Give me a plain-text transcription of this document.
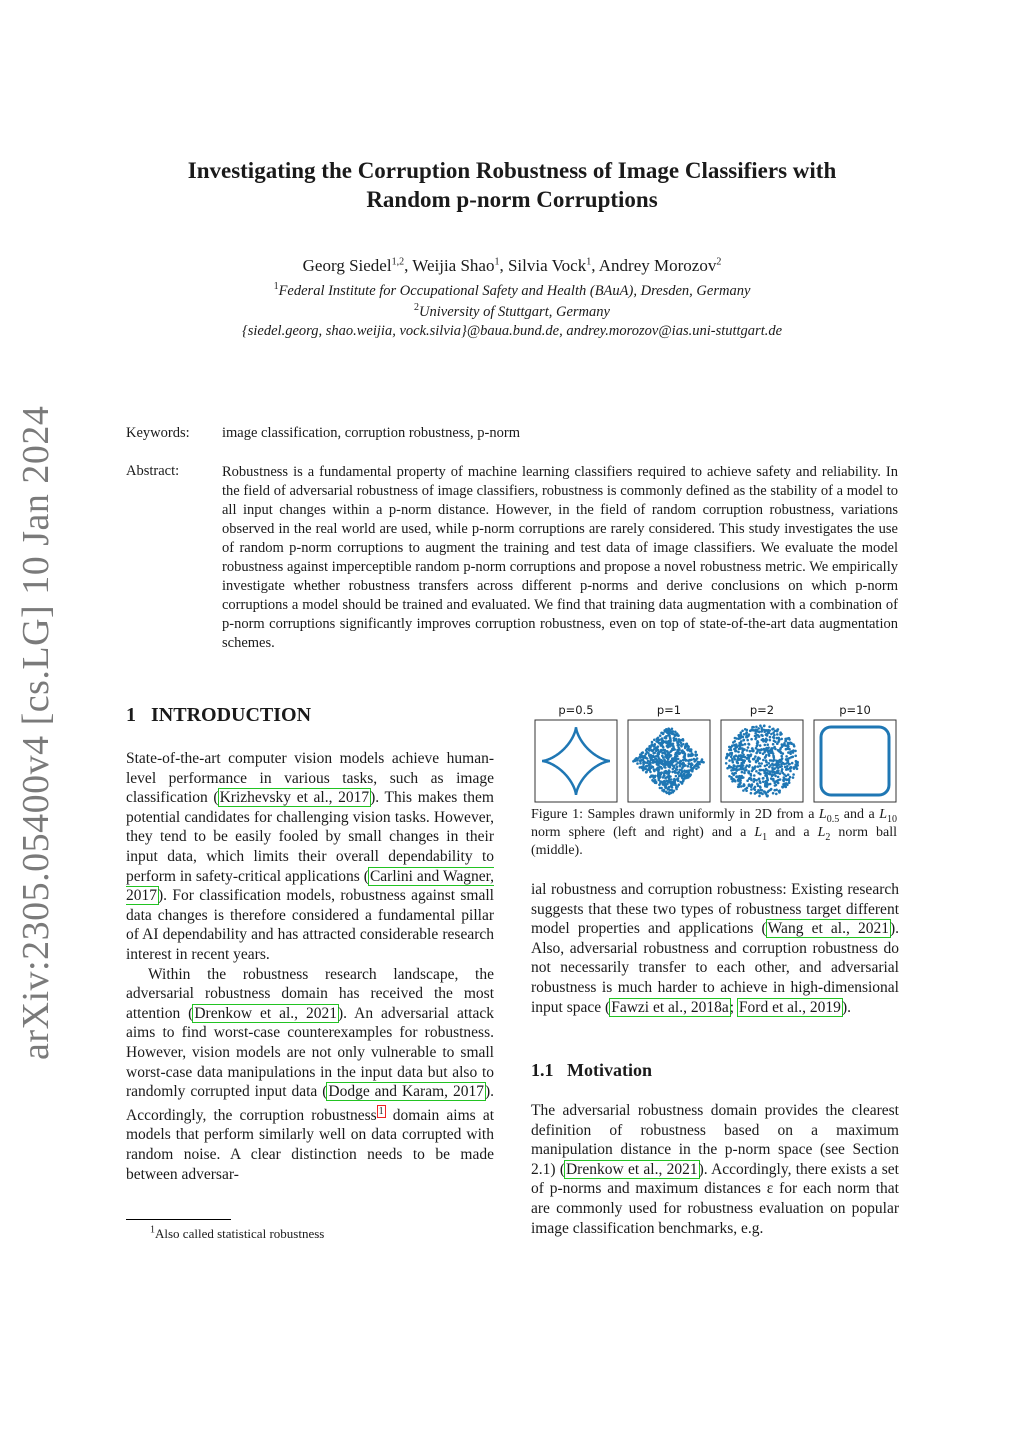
arXiv:2305.05400v4 [cs.LG] 10 Jan 2024
Investigating the Corruption Robustness of Image Classifiers with
Random p-norm Corruptions
Georg Siedel$^{1,2}$, Weijia Shao$^1$, Silvia Vock$^1$, Andrey Morozov$^2$
$^1$Federal Institute for Occupational Safety and Health (BAuA), Dresden, Germany
$^2$University of Stuttgart, Germany
{siedel.georg, shao.weijia, vock.silvia}@baua.bund.de, andrey.morozov@ias.uni-stuttgart.de
Keywords: image classification, corruption robustness, p-norm
Abstract:	Robustness is a fundamental property of machine learning classifiers required to achieve safety and reliability. In the field of adversarial robustness of image classifiers, robustness is commonly defined as the stability of a model to all input changes within a p-norm distance. However, in the field of random corruption robustness, variations observed in the real world are used, while p-norm corruptions are rarely considered. This study investigates the use of random p-norm corruptions to augment the training and test data of image classifiers. We evaluate the model robustness against imperceptible random p-norm corruptions and propose a novel robustness metric. We empirically investigate whether robustness transfers across different p-norms and derive conclusions on which p-norm corruptions a model should be trained and evaluated. We find that training data augmentation with a combination of p-norm corruptions significantly improves corruption robustness, even on top of state-of-the-art data augmentation schemes.

1 INTRODUCTION

State-of-the-art computer vision models achieve human-level performance in various tasks, such as image classification (Krizhevsky et al., 2017). This makes them potential candidates for challenging vision tasks. However, they tend to be easily fooled by small changes in their input data, which limits their overall dependability to perform in safety-critical applications (Carlini and Wagner, 2017). For classification models, robustness against small data changes is therefore considered a fundamental pillar of AI dependability and has attracted considerable research interest in recent years.

Within the robustness research landscape, the adversarial robustness domain has received the most attention (Drenkow et al., 2021). An adversarial attack aims to find worst-case counterexamples for robustness. However, vision models are not only vulnerable to small worst-case data manipulations in the input data but also to randomly corrupted input data (Dodge and Karam, 2017). Accordingly, the corruption robustness $^1$ domain aims at models that perform similarly well on data corrupted with random noise. A clear distinction needs to be made between adversar-

$^1$Also called statistical robustness
p=0.5	p=1	p=2	p=10

Figure 1: Samples drawn uniformly in 2D from a $L_{0.5}$ and a $L_{10}$ norm sphere (left and right) and a $L_1$ and a $L_2$ norm ball (middle).

ial robustness and corruption robustness: Existing research suggests that these two types of robustness target different model properties and applications (Wang et al., 2021). Also, adversarial robustness and corruption robustness do not necessarily transfer to each other, and adversarial robustness is much harder to achieve in high-dimensional input space (Fawzi et al., 2018a; Ford et al., 2019).

1.1 Motivation

The adversarial robustness domain provides the clearest definition of robustness based on a maximum manipulation distance in the p-norm space (see Section 2.1) (Drenkow et al., 2021). Accordingly, there exists a set of p-norms and maximum distances ε for each norm that are commonly used for robustness evaluation on popular image classification benchmarks, e.g.
